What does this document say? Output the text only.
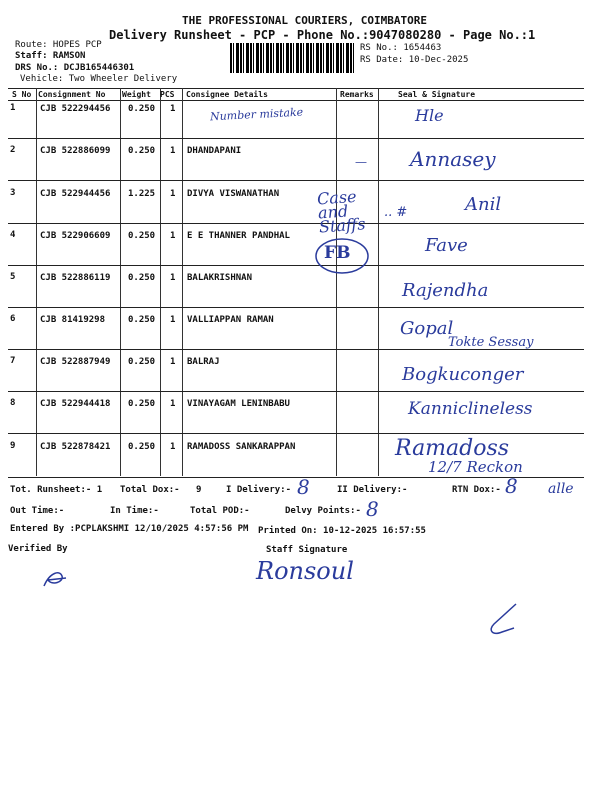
THE PROFESSIONAL COURIERS, COIMBATORE
Delivery Runsheet - PCP - Phone No.:9047080280 - Page No.:1
Route: HOPES PCP
Staff: RAMSON
DRS No.: DCJB165446301
Vehicle: Two Wheeler Delivery
RS No.: 1654463
RS Date: 10-Dec-2025
S No Consignment No Weight PCS Consignee Details	Remarks	Seal & Signature
1	CJB 522294456 0.250 1
2	CJB 522886099 0.250 1 DHANDAPANI
3	CJB 522944456 1.225 1 DIVYA VISWANATHAN
4	CJB 522906609 0.250 1 E E THANNER PANDHAL
5	CJB 522886119 0.250 1 BALAKRISHNAN
6	CJB 81419298	0.250 1 VALLIAPPAN RAMAN
7	CJB 522887949 0.250 1 BALRAJ
8	CJB 522944418 0.250 1 VINAYAGAM LENINBABU
9	CJB 522878421 0.250 1 RAMADOSS SANKARAPPAN
Tot. Runsheet:- 1 Total Dox:- 9	I Delivery:-	II Delivery:-	RTN Dox:-
Out Time:-	In Time:-	Total POD:-	Delvy Points:-
Entered By :PCPLAKSHMI 12/10/2025 4:57:56 PM Printed On: 10-12-2025 16:57:55
Verified By	Staff Signature
Number mistake	Hle
— Annasey
Case and Staffs
.. #	Anil
FB	Fave
Rajendha
Gopal
Tokte Sessay
Bogkuconger
Kanniclineless
Ramadoss
12/7 Reckon
8	8 alle
8
Ronsoul
